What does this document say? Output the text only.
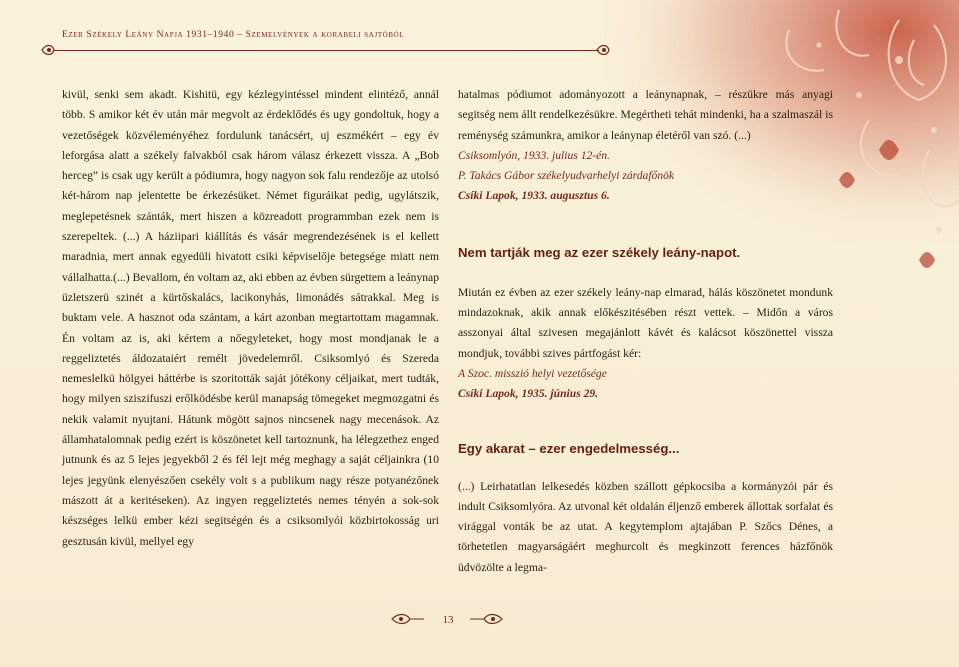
Ezer Székely Leány Napja 1931–1940 – Szemelvények a korabeli sajtóból

kivül, senki sem akadt. Kishitü, egy kézlegyintéssel mindent elintéző, annál több. S amikor két év után már megvolt az érdeklődés és ugy gondoltuk, hogy a vezetőségek közvéleményéhez fordulunk tanácsért, uj eszmékért – egy év leforgása alatt a székely falvakból csak három válasz érkezett vissza. A „Bob herceg” is csak ugy került a pódiumra, hogy nagyon sok falu rendezője az utolsó két-három nap jelentette be érkezésüket. Német figuráikat pedig, ugylátszik, meglepetésnek szánták, mert hiszen a közreadott programmban ezek nem is szerepeltek. (...) A háziipari kiállítás és vásár megrendezésének is el kellett maradnia, mert annak egyedüli hivatott csiki képviselője betegsége miatt nem vállalhatta.(...) Bevallom, én voltam az, aki ebben az évben sürgettem a leánynap üzletszerü szinét a kürtőskalács, lacikonyhás, limonádés sátrakkal. Meg is buktam vele. A hasznot oda szántam, a kárt azonban megtartottam magamnak. Én voltam az is, aki kértem a nőegyleteket, hogy most mondjanak le a reggeliztetés áldozataiért remélt jövedelemről. Csiksomlyó és Szereda nemeslelkü hölgyei háttérbe is szoritották saját jótékony céljaikat, mert tudták, hogy milyen sziszifuszi erőlködésbe kerül manapság tömegeket megmozgatni és nekik valamit nyujtani. Hátunk mögött sajnos nincsenek nagy mecenások. Az államhatalomnak pedig ezért is köszönetet kell tartoznunk, ha lélegzethez enged jutnunk és az 5 lejes jegyekből 2 és fél lejt még meghagy a saját céljainkra (10 lejes jegyünk elenyészően csekély volt s a publikum nagy része potyanézőnek mászott át a keritéseken). Az ingyen reggeliztetés nemes tényén a sok-sok készséges lelkü ember kézi segitségén és a csiksomlyói közbirtokosság uri gesztusán kivül, mellyel egy

hatalmas pódiumot adományozott a leánynapnak, – részükre más anyagi segitség nem állt rendelkezésükre. Megértheti tehát mindenki, ha a szalmaszál is reménység számunkra, amikor a leánynap életéről van szó. (...)

Csiksomlyón, 1933. julius 12-én.

P. Takács Gábor székelyudvarhelyi zárdafőnök

Csíki Lapok, 1933. augusztus 6.

Nem tartják meg az ezer székely leány-napot.

Miután ez évben az ezer székely leány-nap elmarad, hálás köszönetet mondunk mindazoknak, akik annak előkészitésében részt vettek. – Midőn a város asszonyai által szivesen megajánlott kávét és kalácsot köszönettel vissza mondjuk, további szives pártfogást kér:

A Szoc. misszió helyi vezetősége

Csíki Lapok, 1935. június 29.

Egy akarat – ezer engedelmesség...

(...) Leirhatatlan lelkesedés közben szállott gépkocsiba a kormányzói pár és indult Csiksomlyóra. Az utvonal két oldalán éljenző emberek állottak sorfalat és virággal vonták be az utat. A kegytemplom ajtajában P. Szőcs Dénes, a törhetetlen magyarságáért meghurcolt és megkinzott ferences házfőnök üdvözölte a legma-

13
